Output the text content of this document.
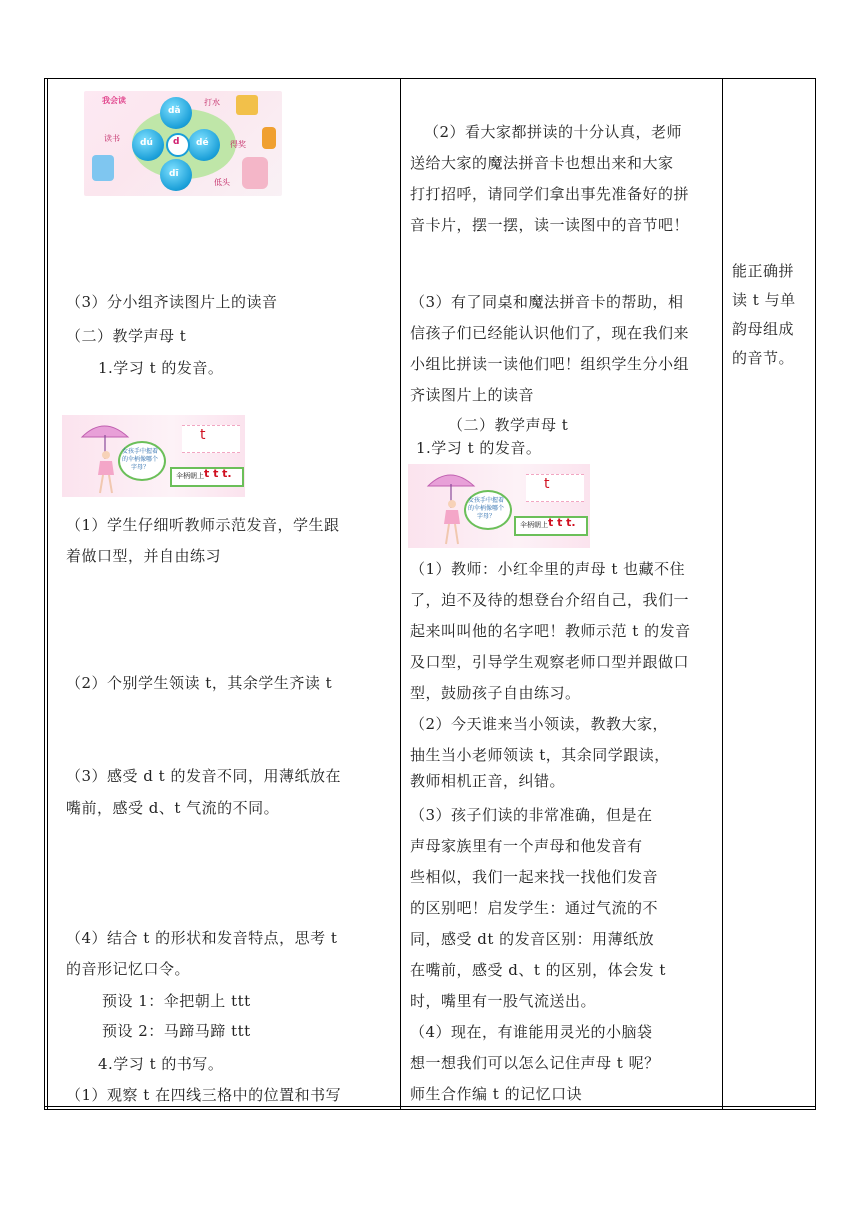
d
dǎ
dé
dú
dī
我会读	打水
读书
得奖
低头
（3）分小组齐读图片上的读音
（二）教学声母 t
1.学习 t 的发音。
女孩手中握着的伞柄像哪个字母？
t
伞柄朝上 t t t.
（1）学生仔细听教师示范发音，学生跟
着做口型，并自由练习
（2）个别学生领读 t，其余学生齐读 t
（3）感受 d t 的发音不同，用薄纸放在
嘴前，感受 d、t 气流的不同。
（4）结合 t 的形状和发音特点，思考 t
的音形记忆口令。
预设 1：伞把朝上 ttt
预设 2：马蹄马蹄 ttt
4.学习 t 的书写。
（1）观察 t 在四线三格中的位置和书写
（2）看大家都拼读的十分认真，老师
送给大家的魔法拼音卡也想出来和大家
打打招呼，请同学们拿出事先准备好的拼
音卡片，摆一摆，读一读图中的音节吧！
（3）有了同桌和魔法拼音卡的帮助，相
信孩子们已经能认识他们了，现在我们来
小组比拼读一读他们吧！组织学生分小组
齐读图片上的读音
（二）教学声母 t
1.学习 t 的发音。
女孩手中握着的伞柄像哪个字母？
t
伞柄朝上 t t t.
（1）教师：小红伞里的声母 t 也藏不住
了，迫不及待的想登台介绍自己，我们一
起来叫叫他的名字吧！教师示范 t 的发音
及口型，引导学生观察老师口型并跟做口
型，鼓励孩子自由练习。
（2）今天谁来当小领读，教教大家，
抽生当小老师领读 t，其余同学跟读，
教师相机正音，纠错。
（3）孩子们读的非常准确，但是在
声母家族里有一个声母和他发音有
些相似，我们一起来找一找他们发音
的区别吧！启发学生：通过气流的不
同，感受 dt 的发音区别：用薄纸放
在嘴前，感受 d、t 的区别，体会发 t
时，嘴里有一股气流送出。
（4）现在，有谁能用灵光的小脑袋
想一想我们可以怎么记住声母 t 呢？
师生合作编 t 的记忆口诀
能正确拼
读 t 与单
韵母组成
的音节。
